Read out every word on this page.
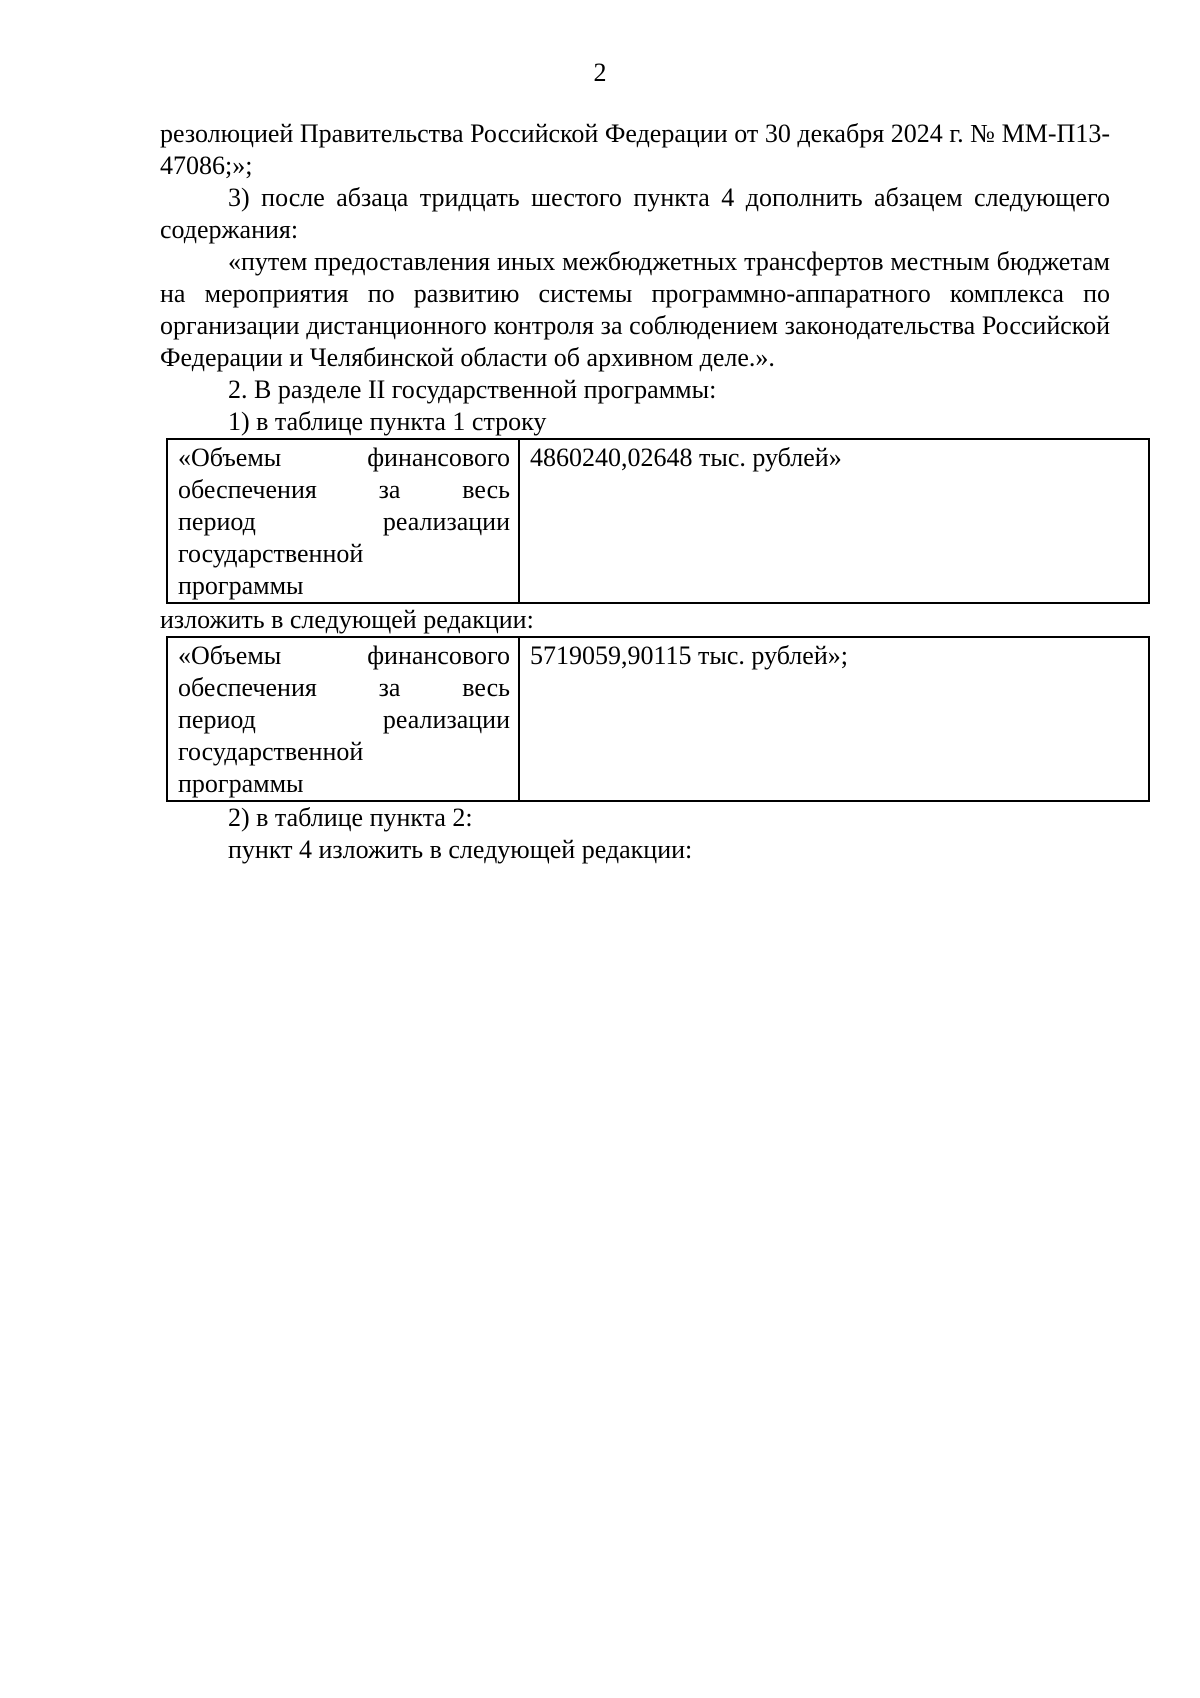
2

резолюцией Правительства Российской Федерации от 30 декабря 2024 г. № ММ-П13-47086;»;

3) после абзаца тридцать шестого пункта 4 дополнить абзацем следующего содержания:

«путем предоставления иных межбюджетных трансфертов местным бюджетам на мероприятия по развитию системы программно-аппаратного комплекса по организации дистанционного контроля за соблюдением законодательства Российской Федерации и Челябинской области об архивном деле.».

2. В разделе II государственной программы:

1) в таблице пункта 1 строку

«Объемы финансового
обеспечения за весь
период реализации
государственной
программы
	4860240,02648 тыс. рублей»

изложить в следующей редакции:

«Объемы финансового
обеспечения за весь
период реализации
государственной
программы
	5719059,90115 тыс. рублей»;

2) в таблице пункта 2:

пункт 4 изложить в следующей редакции:
